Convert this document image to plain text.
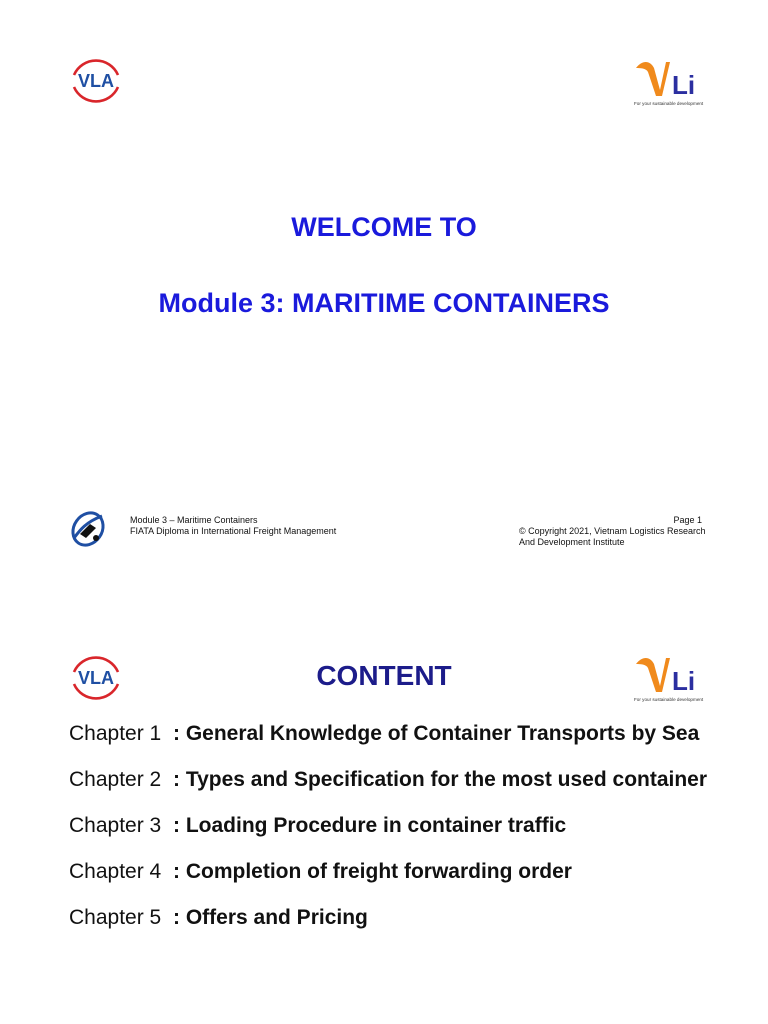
VLA	Li
For your sustainable development
WELCOME TO
Module 3: MARITIME CONTAINERS
Module 3 – Maritime Containers
FIATA Diploma in International Freight Management
Page 1
© Copyright 2021, Vietnam Logistics Research
And Development Institute
VLA	Li
For your sustainable development
CONTENT
Chapter 1 : General Knowledge of Container Transports by Sea
Chapter 2 : Types and Specification for the most used container
Chapter 3 : Loading Procedure in container traffic
Chapter 4 : Completion of freight forwarding order
Chapter 5 : Offers and Pricing
